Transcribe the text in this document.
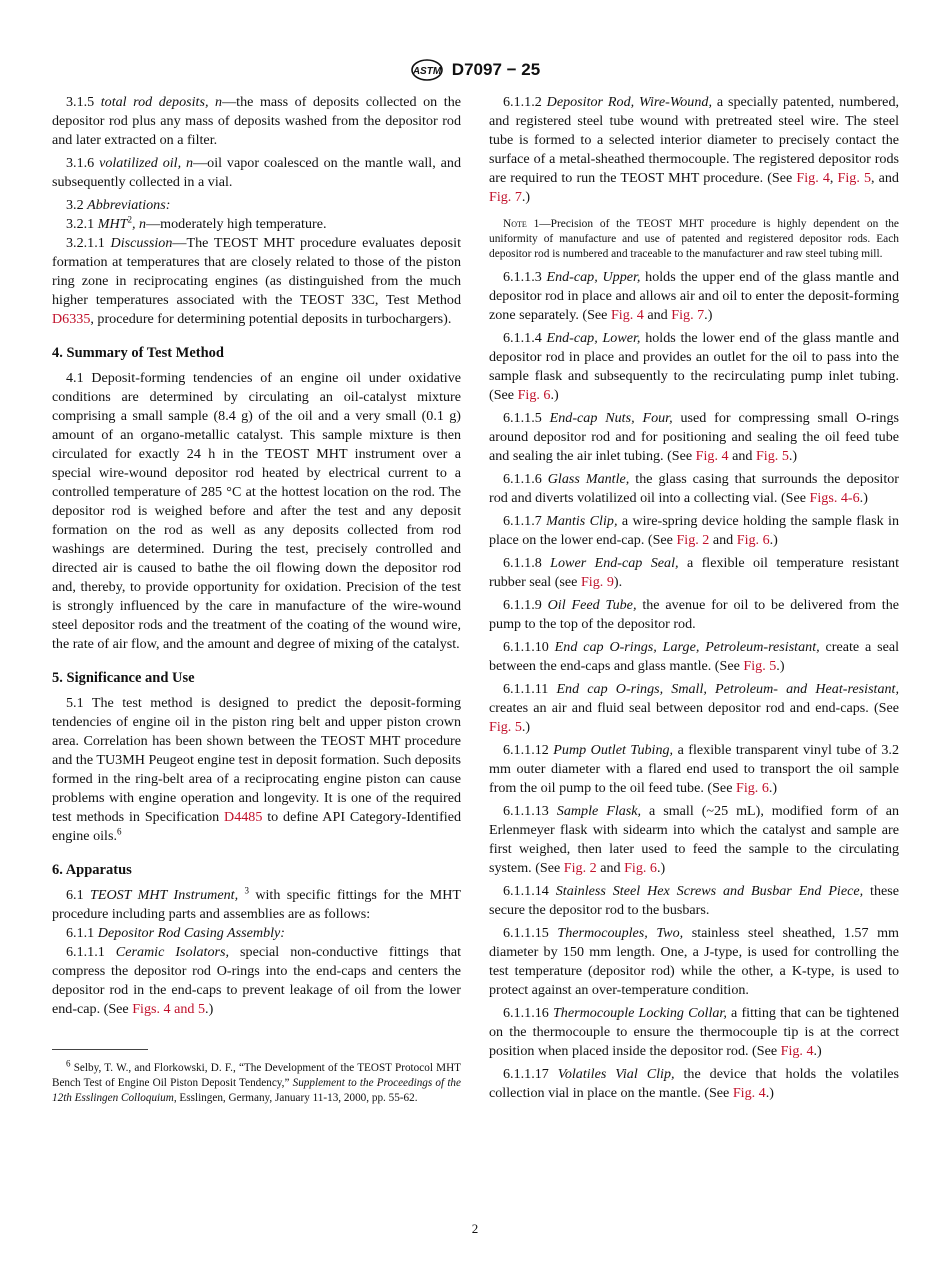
ASTM D7097 − 25

3.1.5 total rod deposits, n—the mass of deposits collected on the depositor rod plus any mass of deposits washed from the depositor rod and later extracted on a filter.

3.1.6 volatilized oil, n—oil vapor coalesced on the mantle wall, and subsequently collected in a vial.

3.2 Abbreviations:

3.2.1 MHT$^2$, n—moderately high temperature.

3.2.1.1 Discussion—The TEOST MHT procedure evaluates deposit formation at temperatures that are closely related to those of the piston ring zone in reciprocating engines (as distinguished from the much higher temperatures associated with the TEOST 33C, Test Method D6335, procedure for determining potential deposits in turbochargers).

4. Summary of Test Method

4.1 Deposit-forming tendencies of an engine oil under oxidative conditions are determined by circulating an oil-catalyst mixture comprising a small sample (8.4 g) of the oil and a very small (0.1 g) amount of an organo-metallic catalyst. This sample mixture is then circulated for exactly 24 h in the TEOST MHT instrument over a special wire-wound depositor rod heated by electrical current to a controlled temperature of 285 °C at the hottest location on the rod. The depositor rod is weighed before and after the test and any deposit formation on the rod as well as any deposits collected from rod washings are determined. During the test, precisely controlled and directed air is caused to bathe the oil flowing down the depositor rod and, thereby, to provide opportunity for oxidation. Precision of the test is strongly influenced by the care in manufacture of the wire-wound steel depositor rods and the treatment of the coating of the wound wire, the rate of air flow, and the amount and degree of mixing of the catalyst.

5. Significance and Use

5.1 The test method is designed to predict the deposit-forming tendencies of engine oil in the piston ring belt and upper piston crown area. Correlation has been shown between the TEOST MHT procedure and the TU3MH Peugeot engine test in deposit formation. Such deposits formed in the ring-belt area of a reciprocating engine piston can cause problems with engine operation and longevity. It is one of the required test methods in Specification D4485 to define API Category-Identified engine oils.$^6$

6. Apparatus

6.1 TEOST MHT Instrument, $^3$ with specific fittings for the MHT procedure including parts and assemblies are as follows:

6.1.1 Depositor Rod Casing Assembly:

6.1.1.1 Ceramic Isolators, special non-conductive fittings that compress the depositor rod O-rings into the end-caps and centers the depositor rod in the end-caps to prevent leakage of oil from the lower end-cap. (See Figs. 4 and 5.)

$^6$ Selby, T. W., and Florkowski, D. F., “The Development of the TEOST Protocol MHT Bench Test of Engine Oil Piston Deposit Tendency,” Supplement to the Proceedings of the 12th Esslingen Colloquium, Esslingen, Germany, January 11-13, 2000, pp. 55-62.

6.1.1.2 Depositor Rod, Wire-Wound, a specially patented, numbered, and registered steel tube wound with pretreated steel wire. The steel tube is formed to a selected interior diameter to precisely contact the surface of a metal-sheathed thermocouple. The registered depositor rods are required to run the TEOST MHT procedure. (See Fig. 4, Fig. 5, and Fig. 7.)

Note 1—Precision of the TEOST MHT procedure is highly dependent on the uniformity of manufacture and use of patented and registered depositor rods. Each depositor rod is numbered and traceable to the manufacturer and raw steel tubing mill.

6.1.1.3 End-cap, Upper, holds the upper end of the glass mantle and depositor rod in place and allows air and oil to enter the deposit-forming zone separately. (See Fig. 4 and Fig. 7.)

6.1.1.4 End-cap, Lower, holds the lower end of the glass mantle and depositor rod in place and provides an outlet for the oil to pass into the sample flask and subsequently to the recirculating pump inlet tubing. (See Fig. 6.)

6.1.1.5 End-cap Nuts, Four, used for compressing small O-rings around depositor rod and for positioning and sealing the oil feed tube and sealing the air inlet tubing. (See Fig. 4 and Fig. 5.)

6.1.1.6 Glass Mantle, the glass casing that surrounds the depositor rod and diverts volatilized oil into a collecting vial. (See Figs. 4-6.)

6.1.1.7 Mantis Clip, a wire-spring device holding the sample flask in place on the lower end-cap. (See Fig. 2 and Fig. 6.)

6.1.1.8 Lower End-cap Seal, a flexible oil temperature resistant rubber seal (see Fig. 9).

6.1.1.9 Oil Feed Tube, the avenue for oil to be delivered from the pump to the top of the depositor rod.

6.1.1.10 End cap O-rings, Large, Petroleum-resistant, create a seal between the end-caps and glass mantle. (See Fig. 5.)

6.1.1.11 End cap O-rings, Small, Petroleum- and Heat-resistant, creates an air and fluid seal between depositor rod and end-caps. (See Fig. 5.)

6.1.1.12 Pump Outlet Tubing, a flexible transparent vinyl tube of 3.2 mm outer diameter with a flared end used to transport the oil sample from the oil pump to the oil feed tube. (See Fig. 6.)

6.1.1.13 Sample Flask, a small (~25 mL), modified form of an Erlenmeyer flask with sidearm into which the catalyst and sample are first weighed, then later used to feed the sample to the circulating system. (See Fig. 2 and Fig. 6.)

6.1.1.14 Stainless Steel Hex Screws and Busbar End Piece, these secure the depositor rod to the busbars.

6.1.1.15 Thermocouples, Two, stainless steel sheathed, 1.57 mm diameter by 150 mm length. One, a J-type, is used for controlling the test temperature (depositor rod) while the other, a K-type, is used to protect against an over-temperature condition.

6.1.1.16 Thermocouple Locking Collar, a fitting that can be tightened on the thermocouple to ensure the thermocouple tip is at the correct position when placed inside the depositor rod. (See Fig. 4.)

6.1.1.17 Volatiles Vial Clip, the device that holds the volatiles collection vial in place on the mantle. (See Fig. 4.)

2
